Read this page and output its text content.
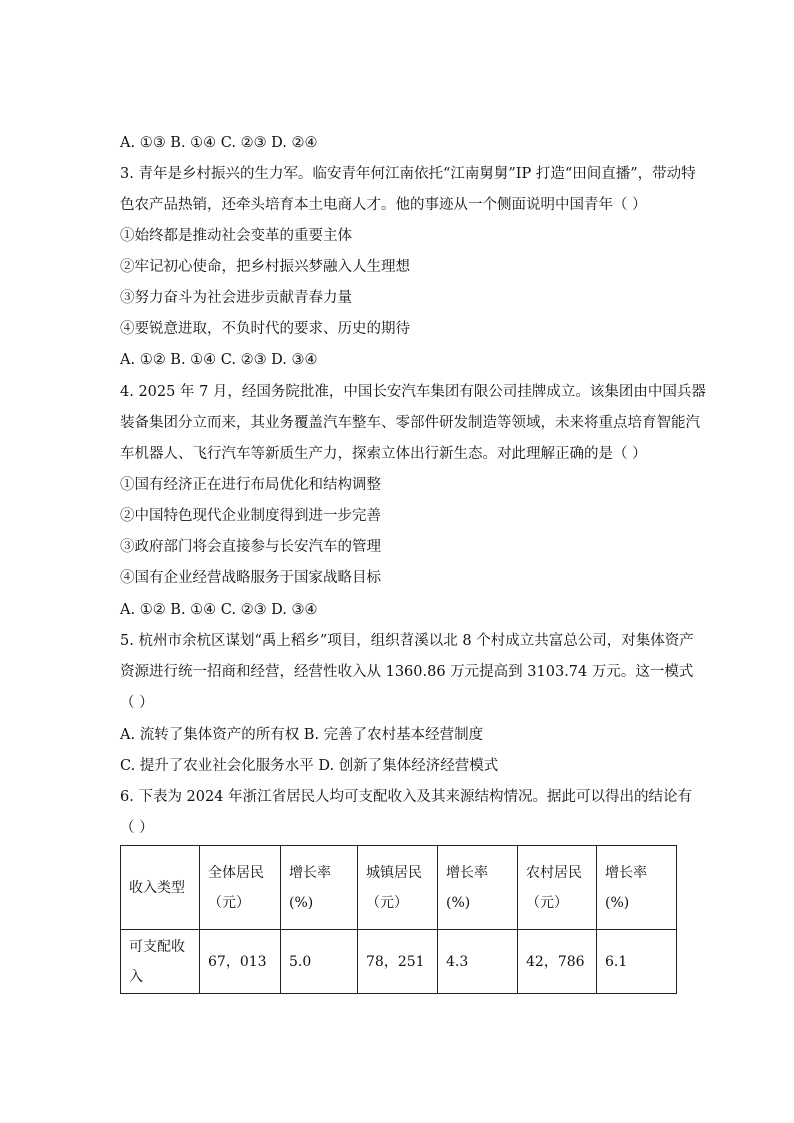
A. ①③ B. ①④ C. ②③ D. ②④
3. 青年是乡村振兴的生力军。临安青年何江南依托“江南舅舅”IP 打造“田间直播”，带动特
色农产品热销，还牵头培育本土电商人才。他的事迹从一个侧面说明中国青年（ ）
①始终都是推动社会变革的重要主体
②牢记初心使命，把乡村振兴梦融入人生理想
③努力奋斗为社会进步贡献青春力量
④要锐意进取，不负时代的要求、历史的期待
A. ①② B. ①④ C. ②③ D. ③④
4. 2025 年 7 月，经国务院批准，中国长安汽车集团有限公司挂牌成立。该集团由中国兵器
装备集团分立而来，其业务覆盖汽车整车、零部件研发制造等领域，未来将重点培育智能汽
车机器人、飞行汽车等新质生产力，探索立体出行新生态。对此理解正确的是（ ）
①国有经济正在进行布局优化和结构调整
②中国特色现代企业制度得到进一步完善
③政府部门将会直接参与长安汽车的管理
④国有企业经营战略服务于国家战略目标
A. ①② B. ①④ C. ②③ D. ③④
5. 杭州市余杭区谋划“禹上稻乡”项目，组织苕溪以北 8 个村成立共富总公司，对集体资产
资源进行统一招商和经营，经营性收入从 1360.86 万元提高到 3103.74 万元。这一模式
（ ）
A. 流转了集体资产的所有权 B. 完善了农村基本经营制度
C. 提升了农业社会化服务水平 D. 创新了集体经济经营模式
6. 下表为 2024 年浙江省居民人均可支配收入及其来源结构情况。据此可以得出的结论有
（ ）
收入类型	全体居民（元）	增长率(%)	城镇居民（元）	增长率(%)	农村居民（元）	增长率(%)
可支配收入	67，013	5.0	78，251	4.3	42，786	6.1
